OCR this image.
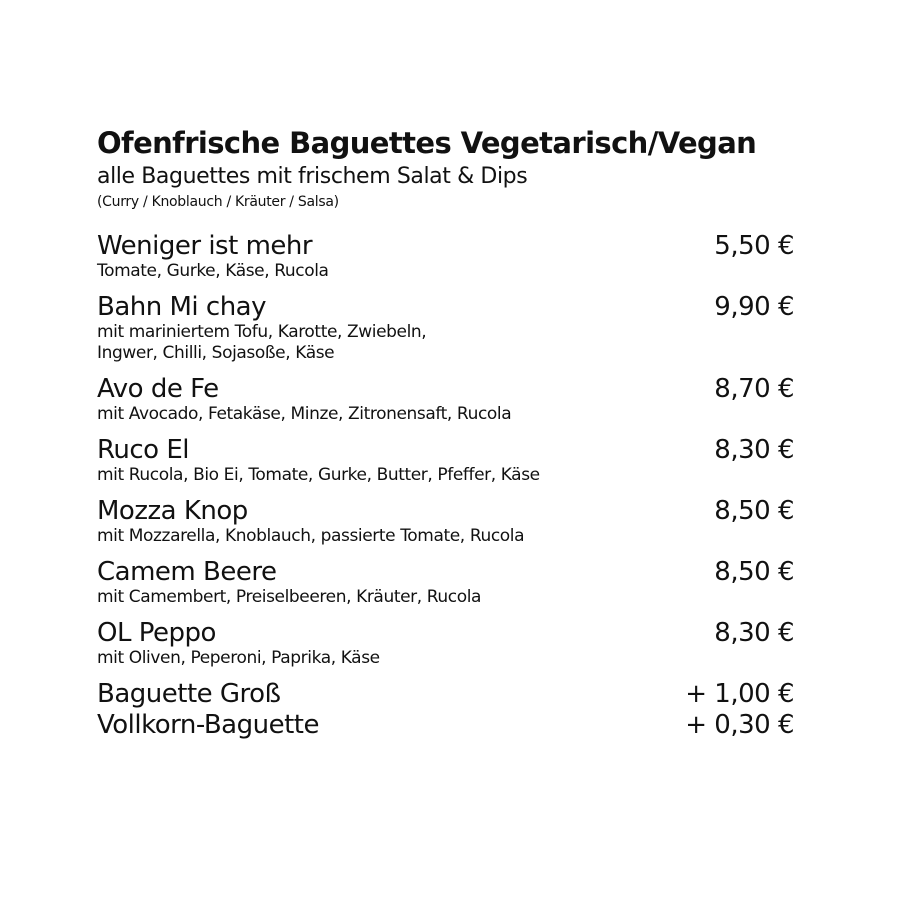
Ofenfrische Baguettes Vegetarisch/Vegan
alle Baguettes mit frischem Salat & Dips
(Curry / Knoblauch / Kräuter / Salsa)
Weniger ist mehr	5,50 €
Tomate, Gurke, Käse, Rucola
Bahn Mi chay	9,90 €
mit mariniertem Tofu, Karotte, Zwiebeln,
Ingwer, Chilli, Sojasoße, Käse
Avo de Fe	8,70 €
mit Avocado, Fetakäse, Minze, Zitronensaft, Rucola
Ruco El	8,30 €
mit Rucola, Bio Ei, Tomate, Gurke, Butter, Pfeffer, Käse
Mozza Knop	8,50 €
mit Mozzarella, Knoblauch, passierte Tomate, Rucola
Camem Beere	8,50 €
mit Camembert, Preiselbeeren, Kräuter, Rucola
OL Peppo	8,30 €
mit Oliven, Peperoni, Paprika, Käse
Baguette Groß	+ 1,00 €
Vollkorn-Baguette	+ 0,30 €
